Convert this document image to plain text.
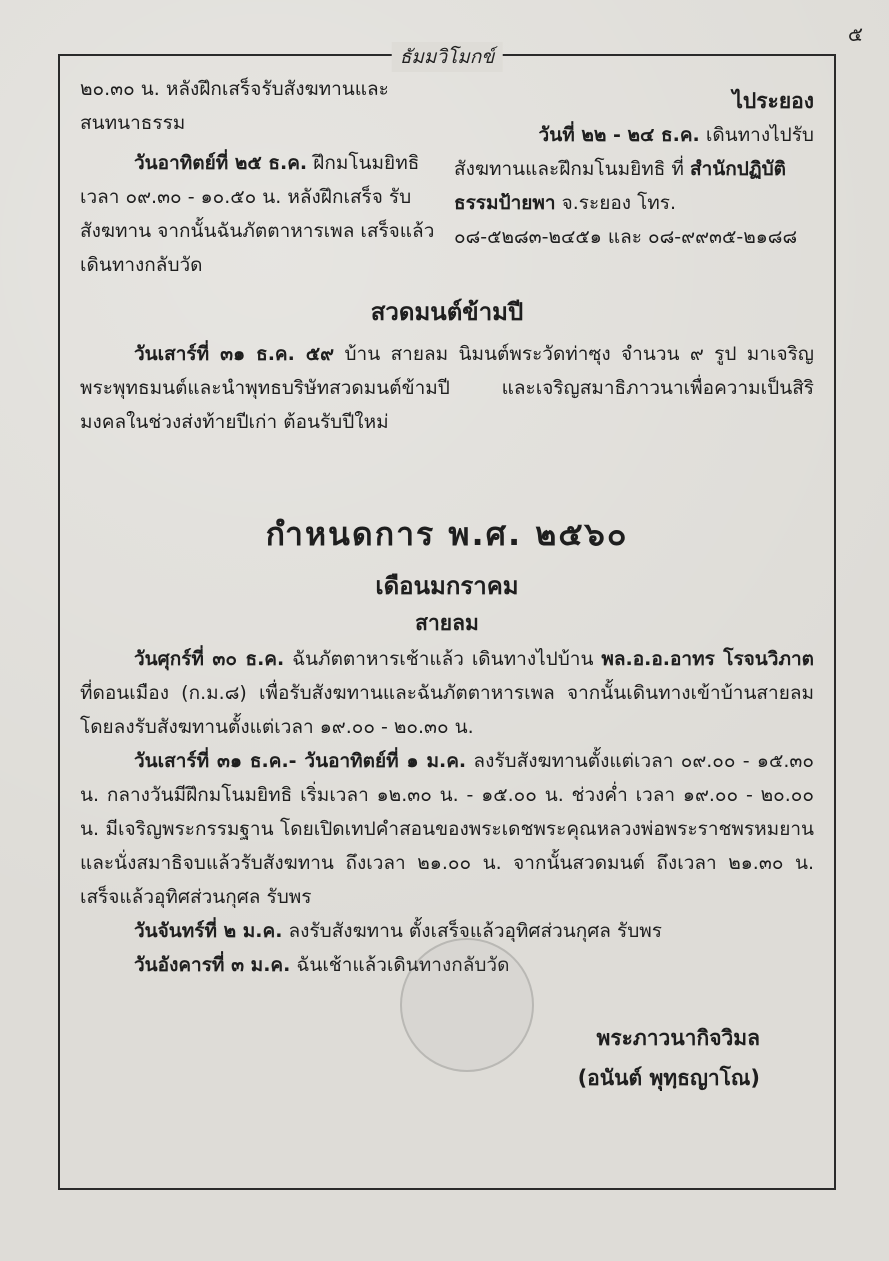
๕
ธัมมวิโมกข์

๒๐.๓๐ น. หลังฝึกเสร็จรับสังฆทานและสนทนาธรรม

วันอาทิตย์ที่ ๒๕ ธ.ค. ฝึกมโนมยิทธิ เวลา ๐๙.๓๐ - ๑๐.๕๐ น. หลังฝึกเสร็จ รับสังฆทาน จากนั้นฉันภัตตาหารเพล เสร็จแล้ว เดินทางกลับวัด

ไประยอง
วันที่ ๒๒ - ๒๔ ธ.ค. เดินทางไปรับ

สังฆทานและฝึกมโนมยิทธิ ที่ สำนักปฏิบัติธรรมป้ายพา จ.ระยอง โทร. ๐๘-๕๒๘๓-๒๔๕๑ และ ๐๘-๙๙๓๕-๒๑๘๘

สวดมนต์ข้ามปี

วันเสาร์ที่ ๓๑ ธ.ค. ๕๙ บ้าน สายลม นิมนต์พระวัดท่าซุง จำนวน ๙ รูป มาเจริญพระพุทธมนต์และนำพุทธบริษัทสวดมนต์ข้ามปี และเจริญสมาธิภาวนาเพื่อความเป็นสิริมงคลในช่วงส่งท้ายปีเก่า ต้อนรับปีใหม่

กำหนดการ พ.ศ. ๒๕๖๐
เดือนมกราคม
สายลม

วันศุกร์ที่ ๓๐ ธ.ค. ฉันภัตตาหารเช้าแล้ว เดินทางไปบ้าน พล.อ.อ.อาทร โรจนวิภาต ที่ดอนเมือง (ก.ม.๘) เพื่อรับสังฆทานและฉันภัตตาหารเพล จากนั้นเดินทางเข้าบ้านสายลมโดยลงรับสังฆทานตั้งแต่เวลา ๑๙.๐๐ - ๒๐.๓๐ น.

วันเสาร์ที่ ๓๑ ธ.ค.- วันอาทิตย์ที่ ๑ ม.ค. ลงรับสังฆทานตั้งแต่เวลา ๐๙.๐๐ - ๑๕.๓๐ น. กลางวันมีฝึกมโนมยิทธิ เริ่มเวลา ๑๒.๓๐ น. - ๑๕.๐๐ น. ช่วงค่ำ เวลา ๑๙.๐๐ - ๒๐.๐๐ น. มีเจริญพระกรรมฐาน โดยเปิดเทปคำสอนของพระเดชพระคุณหลวงพ่อพระราชพรหมยาน และนั่งสมาธิจบแล้วรับสังฆทาน ถึงเวลา ๒๑.๐๐ น. จากนั้นสวดมนต์ ถึงเวลา ๒๑.๓๐ น. เสร็จแล้วอุทิศส่วนกุศล รับพร

วันจันทร์ที่ ๒ ม.ค. ลงรับสังฆทาน ตั้งเสร็จแล้วอุทิศส่วนกุศล รับพร

วันอังคารที่ ๓ ม.ค. ฉันเช้าแล้วเดินทางกลับวัด

พระภาวนากิจวิมล
(อนันต์ พุทฺธญาโณ)
